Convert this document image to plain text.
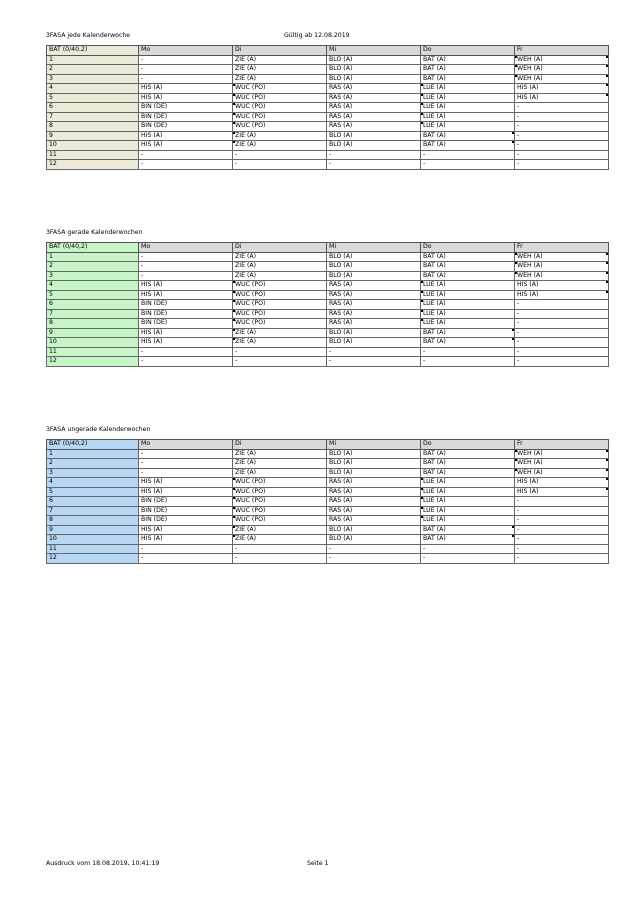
3FASA jede Kalenderwoche	Gültig ab 12.08.2019
BÄT (0/40,2)	Mo	Di	Mi	Do	Fr
1	-	ZIE (A)	BLO (A)	BÄT (A)	WEH (A)

2	-	ZIE (A)	BLO (A)	BÄT (A)	WEH (A)

3	-	ZIE (A)	BLO (A)	BÄT (A)	WEH (A)

4	HIS (A)	WUC (PO)	RAS (A)	LUE (A)	HIS (A)

5	HIS (A)	WUC (PO)	RAS (A)	LUE (A)	HIS (A)

6	BIN (DE)	WUC (PO)	RAS (A)	LUE (A)	-
7	BIN (DE)	WUC (PO)	RAS (A)	LUE (A)	-
8	BIN (DE)	WUC (PO)	RAS (A)	LUE (A)	-
9	HIS (A)	ZIE (A)	BLO (A)	BÄT (A)	-
10	HIS (A)	ZIE (A)	BLO (A)	BÄT (A)	-
11	-	-	-	-	-
12	-	-	-	-	-
3FASA gerade Kalenderwochen
BÄT (0/40,2)	Mo	Di	Mi	Do	Fr
1	-	ZIE (A)	BLO (A)	BÄT (A)	WEH (A)

2	-	ZIE (A)	BLO (A)	BÄT (A)	WEH (A)

3	-	ZIE (A)	BLO (A)	BÄT (A)	WEH (A)

4	HIS (A)	WUC (PO)	RAS (A)	LUE (A)	HIS (A)

5	HIS (A)	WUC (PO)	RAS (A)	LUE (A)	HIS (A)

6	BIN (DE)	WUC (PO)	RAS (A)	LUE (A)	-
7	BIN (DE)	WUC (PO)	RAS (A)	LUE (A)	-
8	BIN (DE)	WUC (PO)	RAS (A)	LUE (A)	-
9	HIS (A)	ZIE (A)	BLO (A)	BÄT (A)	-
10	HIS (A)	ZIE (A)	BLO (A)	BÄT (A)	-
11	-	-	-	-	-
12	-	-	-	-	-
3FASA ungerade Kalenderwochen
BÄT (0/40,2)	Mo	Di	Mi	Do	Fr
1	-	ZIE (A)	BLO (A)	BÄT (A)	WEH (A)

2	-	ZIE (A)	BLO (A)	BÄT (A)	WEH (A)

3	-	ZIE (A)	BLO (A)	BÄT (A)	WEH (A)

4	HIS (A)	WUC (PO)	RAS (A)	LUE (A)	HIS (A)

5	HIS (A)	WUC (PO)	RAS (A)	LUE (A)	HIS (A)

6	BIN (DE)	WUC (PO)	RAS (A)	LUE (A)	-
7	BIN (DE)	WUC (PO)	RAS (A)	LUE (A)	-
8	BIN (DE)	WUC (PO)	RAS (A)	LUE (A)	-
9	HIS (A)	ZIE (A)	BLO (A)	BÄT (A)	-
10	HIS (A)	ZIE (A)	BLO (A)	BÄT (A)	-
11	-	-	-	-	-
12	-	-	-	-	-
Ausdruck vom 18.08.2019, 10:41:19	Seite 1
